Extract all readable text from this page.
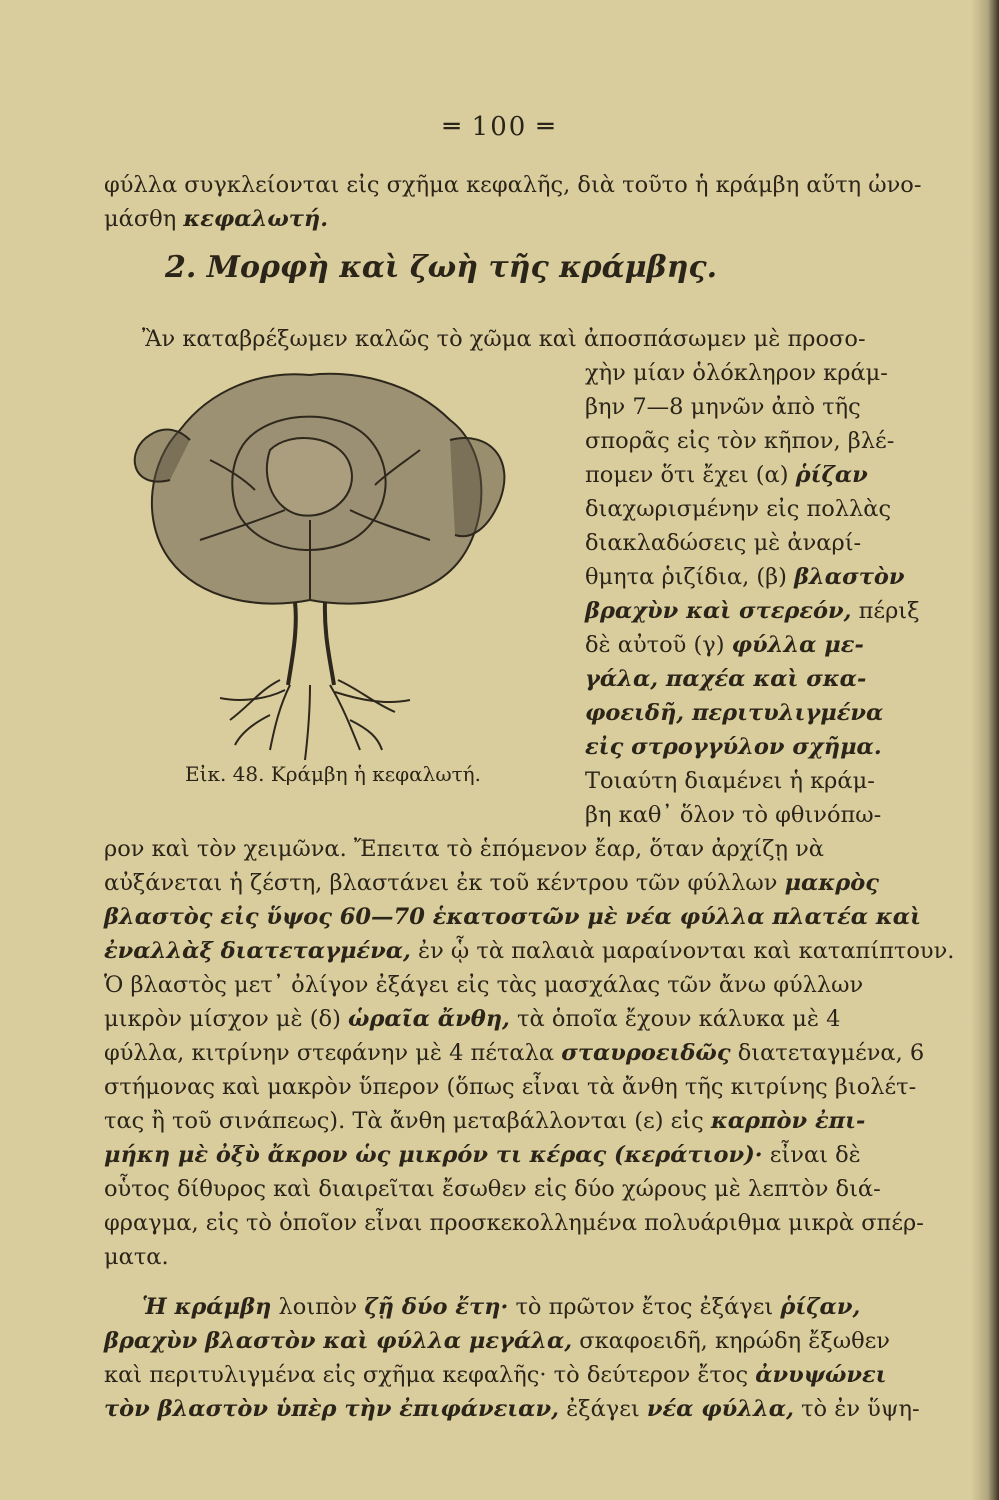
═ 100 ═
φύλλα συγκλείονται εἰς σχῆμα κεφαλῆς, διὰ τοῦτο ἡ κράμβη αὕτη ὠνο-
μάσθη κεφαλωτή.
2. Μορφὴ καὶ ζωὴ τῆς κράμβης.
Ἂν καταβρέξωμεν καλῶς τὸ χῶμα καὶ ἀποσπάσωμεν μὲ προσο-
χὴν μίαν ὁλόκληρον κράμ-
βην 7—8 μηνῶν ἀπὸ τῆς
σπορᾶς εἰς τὸν κῆπον, βλέ-
πομεν ὅτι ἔχει (α) ῥίζαν
διαχωρισμένην εἰς πολλὰς
διακλαδώσεις μὲ ἀναρί-
θμητα ῥιζίδια, (β) βλαστὸν
βραχὺν καὶ στερεόν, πέριξ
δὲ αὐτοῦ (γ) φύλλα με-
γάλα, παχέα καὶ σκα-
φοειδῆ, περιτυλιγμένα
εἰς στρογγύλον σχῆμα.
Τοιαύτη διαμένει ἡ κράμ-
βη καθ᾽ ὅλον τὸ φθινόπω-
Εἰκ. 48. Κράμβη ἡ κεφαλωτή.
ρον καὶ τὸν χειμῶνα. Ἔπειτα τὸ ἑπόμενον ἔαρ, ὅταν ἀρχίζῃ νὰ
αὐξάνεται ἡ ζέστη, βλαστάνει ἐκ τοῦ κέντρου τῶν φύλλων μακρὸς
βλαστὸς εἰς ὕψος 60—70 ἑκατοστῶν μὲ νέα φύλλα πλατέα καὶ
ἐναλλὰξ διατεταγμένα, ἐν ᾧ τὰ παλαιὰ μαραίνονται καὶ καταπίπτουν.
Ὁ βλαστὸς μετ᾽ ὀλίγον ἐξάγει εἰς τὰς μασχάλας τῶν ἄνω φύλλων
μικρὸν μίσχον μὲ (δ) ὡραῖα ἄνθη, τὰ ὁποῖα ἔχουν κάλυκα μὲ 4
φύλλα, κιτρίνην στεφάνην μὲ 4 πέταλα σταυροειδῶς διατεταγμένα, 6
στήμονας καὶ μακρὸν ὕπερον (ὅπως εἶναι τὰ ἄνθη τῆς κιτρίνης βιολέτ-
τας ἢ τοῦ σινάπεως). Τὰ ἄνθη μεταβάλλονται (ε) εἰς καρπὸν ἐπι-
μήκη μὲ ὀξὺ ἄκρον ὡς μικρόν τι κέρας (κεράτιον)· εἶναι δὲ
οὗτος δίθυρος καὶ διαιρεῖται ἔσωθεν εἰς δύο χώρους μὲ λεπτὸν διά-
φραγμα, εἰς τὸ ὁποῖον εἶναι προσκεκολλημένα πολυάριθμα μικρὰ σπέρ-
ματα.
Ἡ κράμβη λοιπὸν ζῇ δύο ἔτη· τὸ πρῶτον ἔτος ἐξάγει ῥίζαν,
βραχὺν βλαστὸν καὶ φύλλα μεγάλα, σκαφοειδῆ, κηρώδη ἔξωθεν
καὶ περιτυλιγμένα εἰς σχῆμα κεφαλῆς· τὸ δεύτερον ἔτος ἀνυψώνει
τὸν βλαστὸν ὑπὲρ τὴν ἐπιφάνειαν, ἐξάγει νέα φύλλα, τὸ ἐν ὕψη-
